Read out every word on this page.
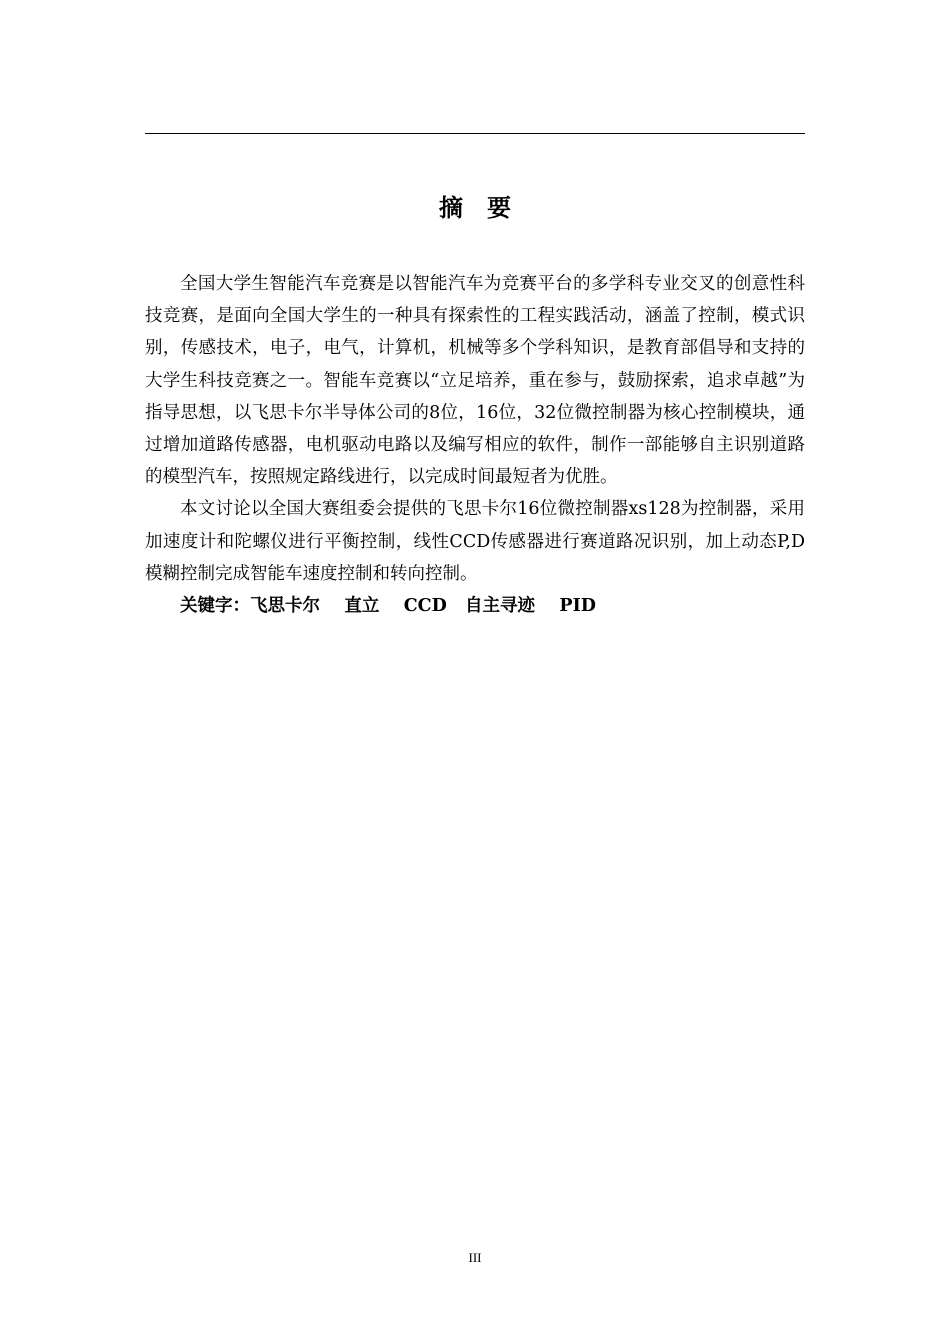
摘　要

全国大学生智能汽车竞赛是以智能汽车为竞赛平台的多学科专业交叉的创意性科技竞赛，是面向全国大学生的一种具有探索性的工程实践活动，涵盖了控制，模式识别，传感技术，电子，电气，计算机，机械等多个学科知识，是教育部倡导和支持的大学生科技竞赛之一。智能车竞赛以“立足培养，重在参与，鼓励探索，追求卓越”为指导思想，以飞思卡尔半导体公司的8位，16位，32位微控制器为核心控制模块，通过增加道路传感器，电机驱动电路以及编写相应的软件，制作一部能够自主识别道路的模型汽车，按照规定路线进行，以完成时间最短者为优胜。

本文讨论以全国大赛组委会提供的飞思卡尔16位微控制器xs128为控制器，采用加速度计和陀螺仪进行平衡控制，线性CCD传感器进行赛道路况识别，加上动态P,D模糊控制完成智能车速度控制和转向控制。

关键字：飞思卡尔    直立    CCD   自主寻迹    PID

III
